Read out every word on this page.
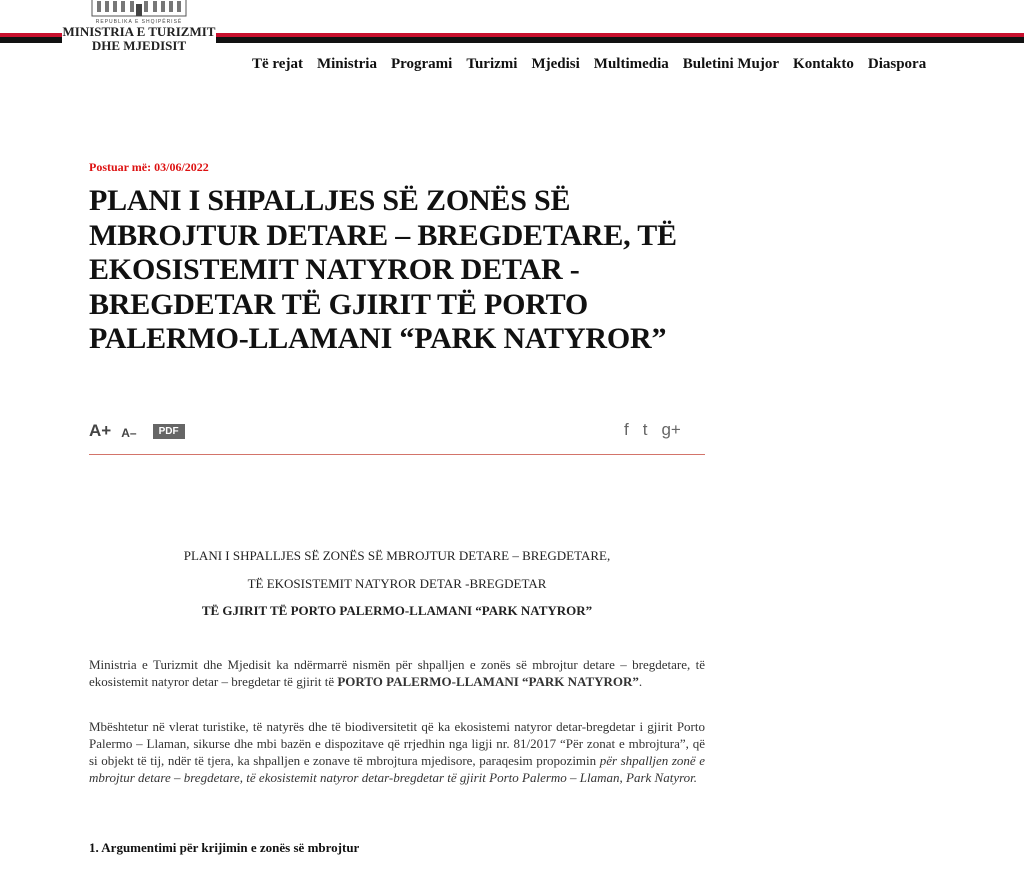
REPUBLIKA E SHQIPËRISË
MINISTRIA E TURIZMIT
DHE MJEDISIT
Të rejat Ministria Programi Turizmi Mjedisi Multimedia Buletini Mujor Kontakto Diaspora
Postuar më: 03/06/2022
PLANI I SHPALLJES SË ZONËS SË MBROJTUR DETARE – BREGDETARE, TË EKOSISTEMIT NATYROR DETAR - BREGDETAR TË GJIRIT TË PORTO PALERMO-LLAMANI “PARK NATYROR”
A+ A–	PDF	f t g+
PLANI I SHPALLJES SË ZONËS SË MBROJTUR DETARE – BREGDETARE,
TË EKOSISTEMIT NATYROR DETAR -BREGDETAR
TË GJIRIT TË PORTO PALERMO-LLAMANI “PARK NATYROR”

Ministria e Turizmit dhe Mjedisit ka ndërmarrë nismën për shpalljen e zonës së mbrojtur detare – bregdetare, të ekosistemit natyror detar – bregdetar të gjirit të PORTO PALERMO-LLAMANI “PARK NATYROR”.

Mbështetur në vlerat turistike, të natyrës dhe të biodiversitetit që ka ekosistemi natyror detar-bregdetar i gjirit Porto Palermo – Llaman, sikurse dhe mbi bazën e dispozitave që rrjedhin nga ligji nr. 81/2017 “Për zonat e mbrojtura”, që si objekt të tij, ndër të tjera, ka shpalljen e zonave të mbrojtura mjedisore, paraqesim propozimin për shpalljen zonë e mbrojtur detare – bregdetare, të ekosistemit natyror detar-bregdetar të gjirit Porto Palermo – Llaman, Park Natyror.

1. Argumentimi për krijimin e zonës së mbrojtur
